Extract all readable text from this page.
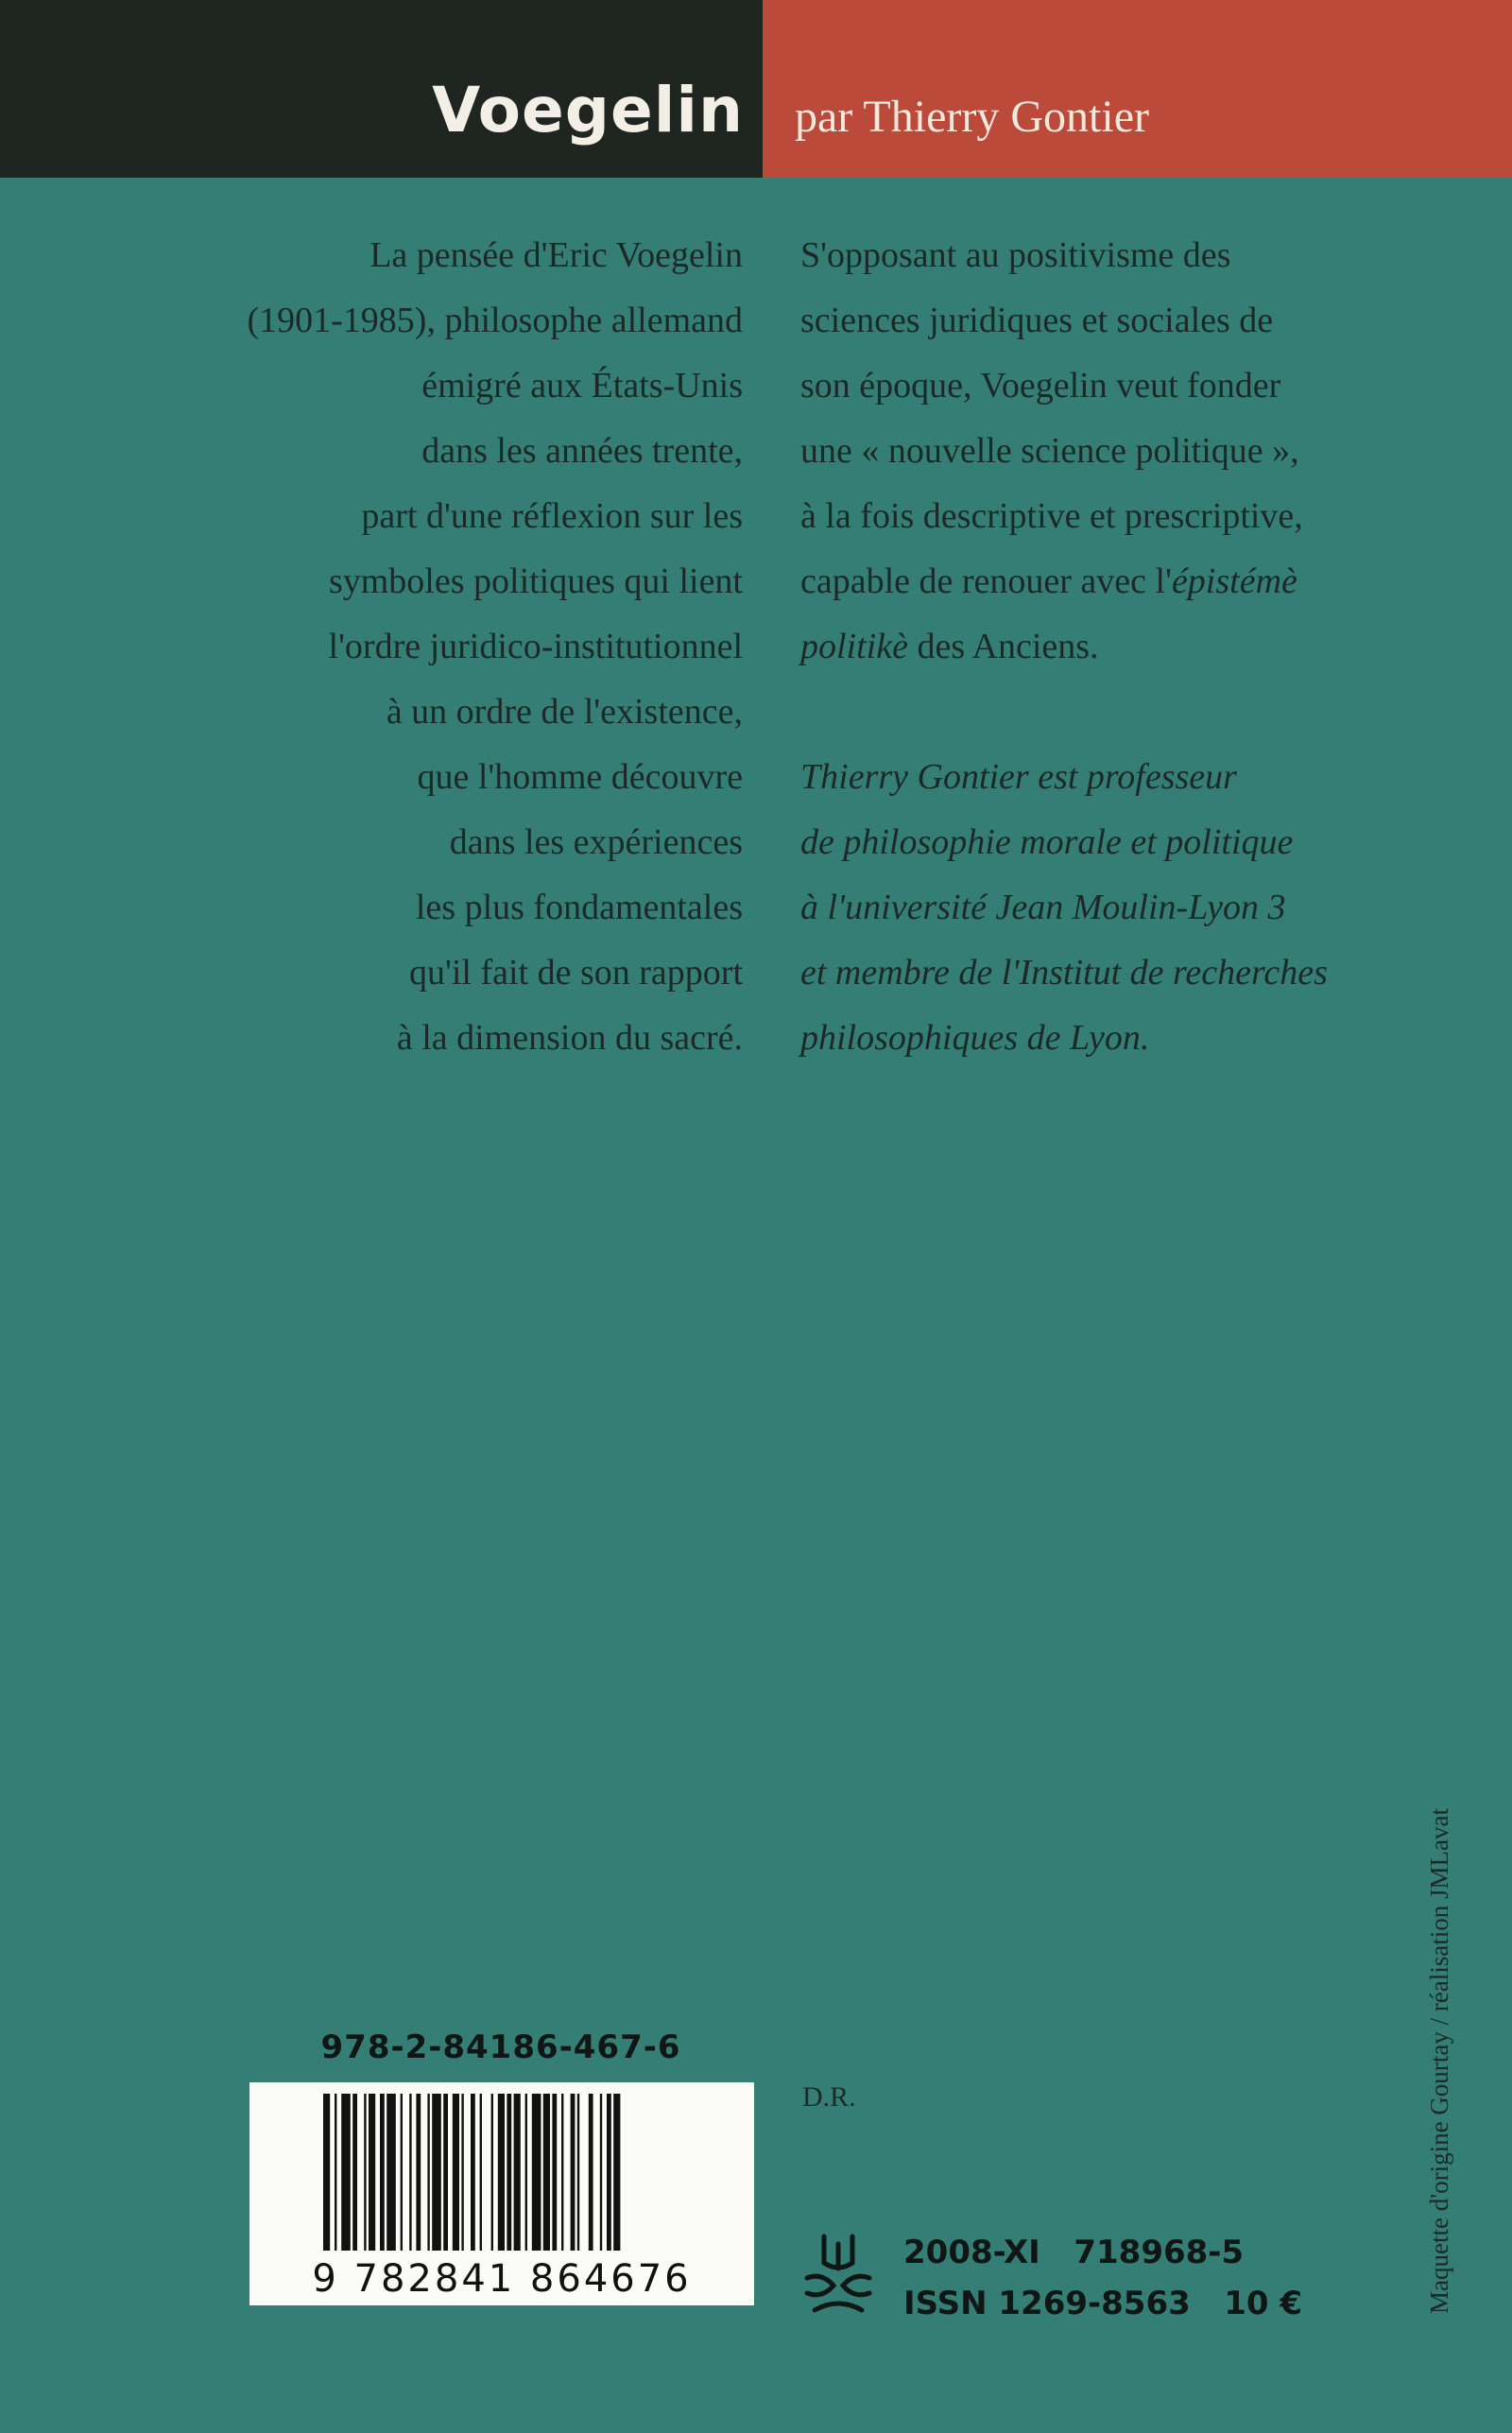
Voegelin par Thierry Gontier
La pensée d'Eric Voegelin
(1901-1985), philosophe allemand
émigré aux États-Unis
dans les années trente,
part d'une réflexion sur les
symboles politiques qui lient
l'ordre juridico-institutionnel
à un ordre de l'existence,
que l'homme découvre
dans les expériences
les plus fondamentales
qu'il fait de son rapport
à la dimension du sacré.
S'opposant au positivisme des
sciences juridiques et sociales de
son époque, Voegelin veut fonder
une « nouvelle science politique »,
à la fois descriptive et prescriptive,
capable de renouer avec l'épistémè
politikè des Anciens.
Thierry Gontier est professeur
de philosophie morale et politique
à l'université Jean Moulin-Lyon 3
et membre de l'Institut de recherches
philosophiques de Lyon.
978-2-84186-467-6
9 782841 864676
D.R.
2008-XI   718968-5
ISSN 1269-8563   10 €	Maquette d'origine Gourtay / réalisation JMLavat
